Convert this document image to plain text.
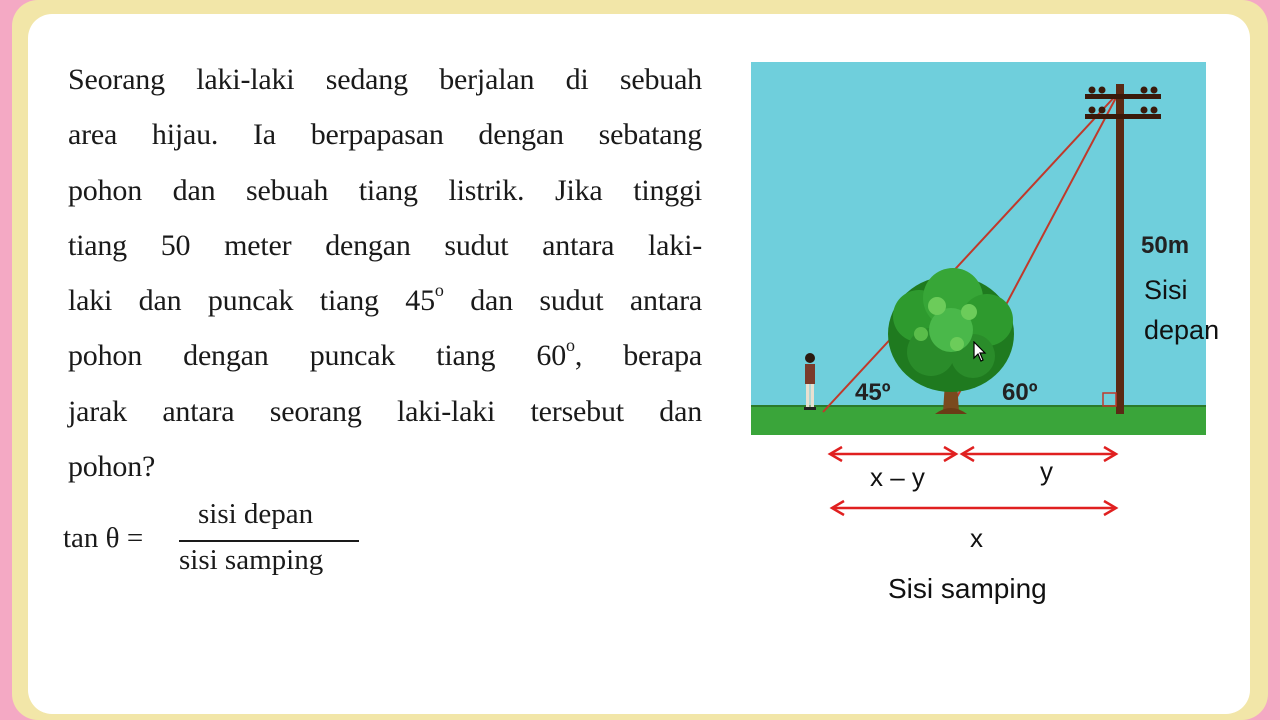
Seorang laki-laki sedang berjalan di sebuah
area hijau. Ia berpapasan dengan sebatang
pohon dan sebuah tiang listrik. Jika tinggi
tiang 50 meter dengan sudut antara laki-
laki dan puncak tiang 45$^o$ dan sudut antara
pohon dengan puncak tiang 60$^o$, berapa
jarak antara seorang laki-laki tersebut dan
pohon?
tan θ =
sisi depan
sisi samping
45º	60º
50m
Sisi
depan
x – y	y
x
Sisi samping
